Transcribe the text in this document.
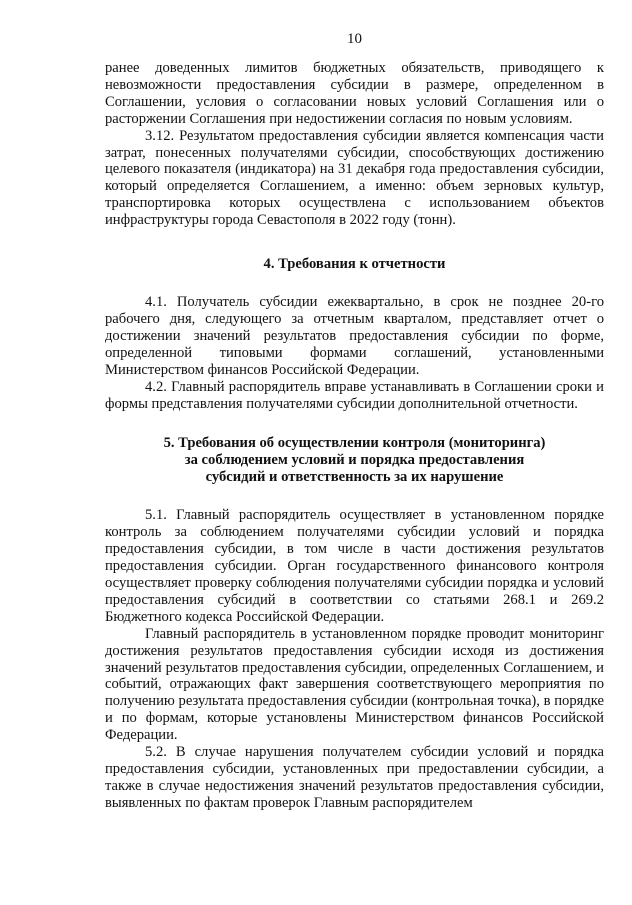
10

ранее доведенных лимитов бюджетных обязательств, приводящего к невозможности предоставления субсидии в размере, определенном в Соглашении, условия о согласовании новых условий Соглашения или о расторжении Соглашения при недостижении согласия по новым условиям.

3.12. Результатом предоставления субсидии является компенсация части затрат, понесенных получателями субсидии, способствующих достижению целевого показателя (индикатора) на 31 декабря года предоставления субсидии, который определяется Соглашением, а именно: объем зерновых культур, транспортировка которых осуществлена с использованием объектов инфраструктуры города Севастополя в 2022 году (тонн).

4. Требования к отчетности

4.1. Получатель субсидии ежеквартально, в срок не позднее 20-го рабочего дня, следующего за отчетным кварталом, представляет отчет о достижении значений результатов предоставления субсидии по форме, определенной типовыми формами соглашений, установленными Министерством финансов Российской Федерации.

4.2. Главный распорядитель вправе устанавливать в Соглашении сроки и формы представления получателями субсидии дополнительной отчетности.

5. Требования об осуществлении контроля (мониторинга)
за соблюдением условий и порядка предоставления
субсидий и ответственность за их нарушение

5.1. Главный распорядитель осуществляет в установленном порядке контроль за соблюдением получателями субсидии условий и порядка предоставления субсидии, в том числе в части достижения результатов предоставления субсидии. Орган государственного финансового контроля осуществляет проверку соблюдения получателями субсидии порядка и условий предоставления субсидий в соответствии со статьями 268.1 и 269.2 Бюджетного кодекса Российской Федерации.

Главный распорядитель в установленном порядке проводит мониторинг достижения результатов предоставления субсидии исходя из достижения значений результатов предоставления субсидии, определенных Соглашением, и событий, отражающих факт завершения соответствующего мероприятия по получению результата предоставления субсидии (контрольная точка), в порядке и по формам, которые установлены Министерством финансов Российской Федерации.

5.2. В случае нарушения получателем субсидии условий и порядка предоставления субсидии, установленных при предоставлении субсидии, а также в случае недостижения значений результатов предоставления субсидии, выявленных по фактам проверок Главным распорядителем
